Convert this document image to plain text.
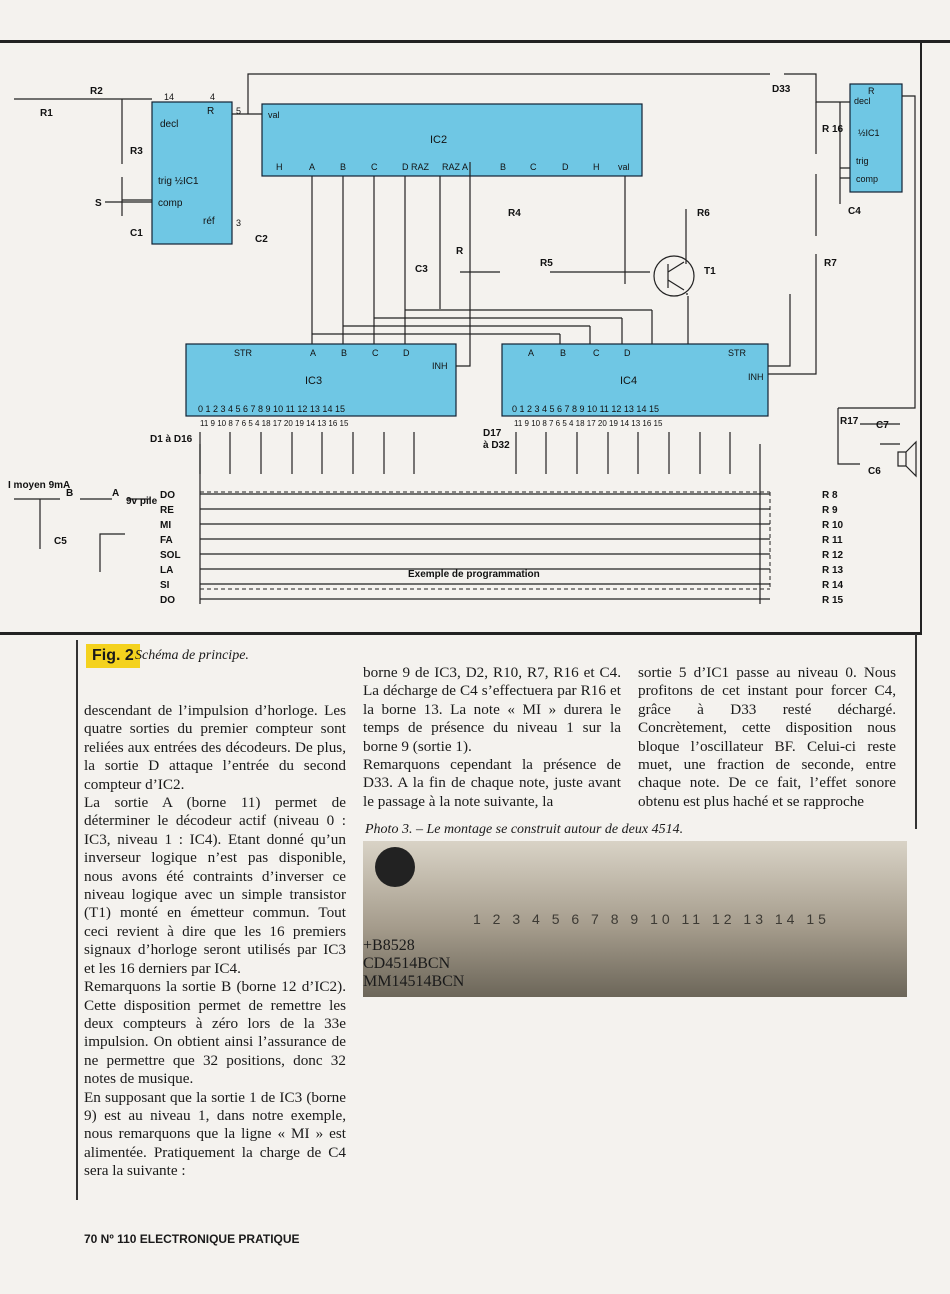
decl
trig ½IC1
comp
réf
R
14	4
5
3
val
IC2
H	A	B	C	D RAZ RAZ A	B	C	D	H val
R
decl
½IC1
trig
comp
IC3
STR	A	B	C	D
INH
0 1 2 3 4 5 6 7 8 9 10 11 12 13 14 15
11 9 10 8 7 6 5 4 18 17 20 19 14 13 16 15
IC4
A	B	C	D	STR
INH
0 1 2 3 4 5 6 7 8 9 10 11 12 13 14 15
11 9 10 8 7 6 5 4 18 17 20 19 14 13 16 15
R1
R2
R3
C1
C2
S
R4
R5
R6
R7
R 16
C3
C4
R
T1
D33
D1 à D16
D17
à D32
R17 C7
C6
C5
I moyen 9mA
B	A
9v pile
Exemple de programmation
DO
RE
MI
FA
SOL
LA
SI
DO
R 8
R 9
R 10
R 11
R 12
R 13
R 14
R 15
Fig. 2 Schéma de principe.

descendant de l’impulsion d’horloge. Les quatre sorties du premier compteur sont reliées aux entrées des décodeurs. De plus, la sortie D attaque l’entrée du second compteur d’IC2.

La sortie A (borne 11) permet de déterminer le décodeur actif (niveau 0 : IC3, niveau 1 : IC4). Etant donné qu’un inverseur logique n’est pas disponible, nous avons été contraints d’inverser ce niveau logique avec un simple transistor (T1) monté en émetteur commun. Tout ceci revient à dire que les 16 premiers signaux d’horloge seront utilisés par IC3 et les 16 derniers par IC4.

Remarquons la sortie B (borne 12 d’IC2). Cette disposition permet de remettre les deux compteurs à zéro lors de la 33e impulsion. On obtient ainsi l’assurance de ne permettre que 32 positions, donc 32 notes de musique.

En supposant que la sortie 1 de IC3 (borne 9) est au niveau 1, dans notre exemple, nous remarquons que la ligne « MI » est alimentée. Pratiquement la charge de C4 sera la suivante :

borne 9 de IC3, D2, R10, R7, R16 et C4. La décharge de C4 s’effectuera par R16 et la borne 13. La note « MI » durera le temps de présence du niveau 1 sur la borne 9 (sortie 1).

Remarquons cependant la présence de D33. A la fin de chaque note, juste avant le passage à la note suivante, la

sortie 5 d’IC1 passe au niveau 0. Nous profitons de cet instant pour forcer C4, grâce à D33 resté déchargé. Concrètement, cette disposition nous bloque l’oscillateur BF. Celui-ci reste muet, une fraction de seconde, entre chaque note. De ce fait, l’effet sonore obtenu est plus haché et se rapproche

Photo 3. – Le montage se construit autour de deux 4514.
1 2 3 4 5 6 7 8 9 10 11 12 13 14 15
+B8528
CD4514BCN
MM14514BCN
70 Nº 110 ELECTRONIQUE PRATIQUE
